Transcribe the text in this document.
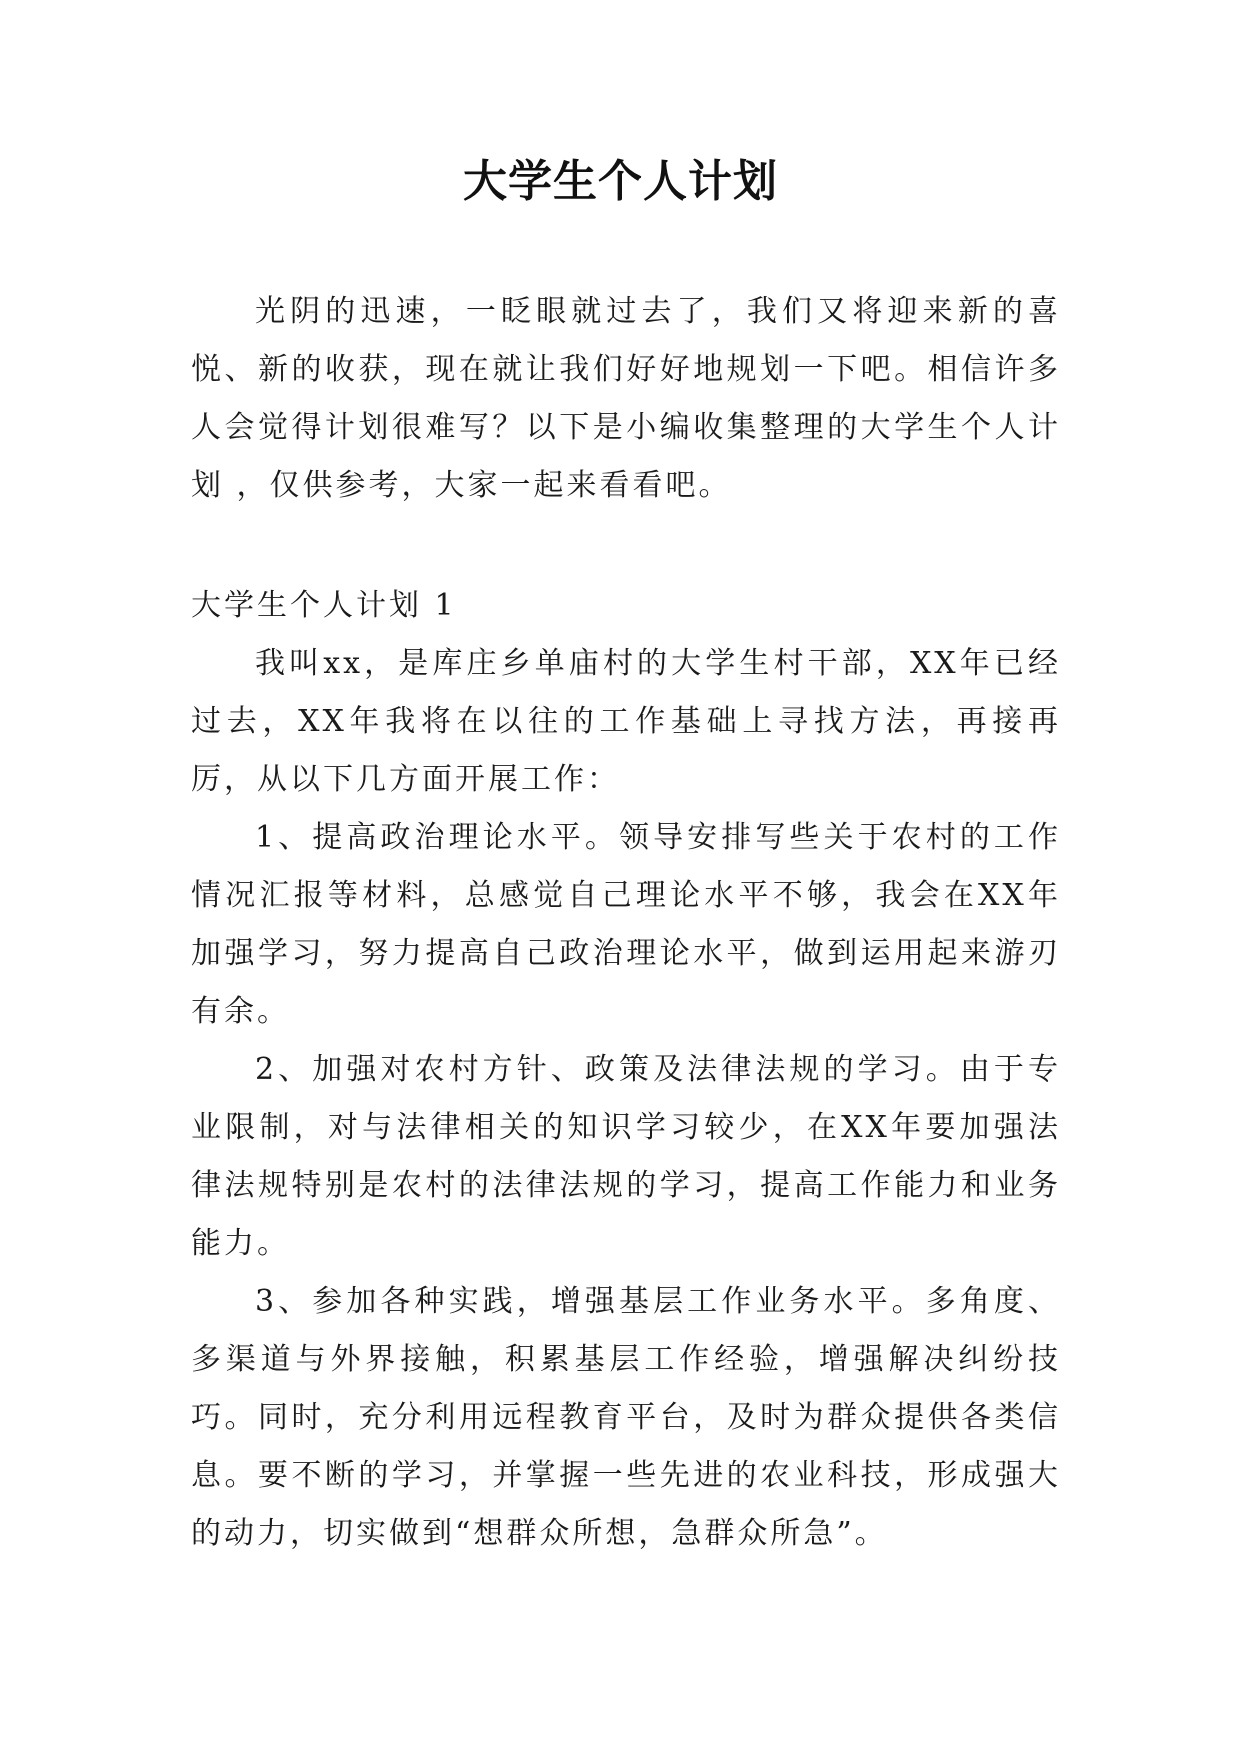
大学生个人计划

光阴的迅速，一眨眼就过去了，我们又将迎来新的喜悦、新的收获，现在就让我们好好地规划一下吧。相信许多人会觉得计划很难写？以下是小编收集整理的大学生个人计划 ，仅供参考，大家一起来看看吧。

大学生个人计划 1

我叫xx，是库庄乡单庙村的大学生村干部，XX年已经过去，XX年我将在以往的工作基础上寻找方法，再接再厉，从以下几方面开展工作：

1、提高政治理论水平。领导安排写些关于农村的工作情况汇报等材料，总感觉自己理论水平不够，我会在XX年加强学习，努力提高自己政治理论水平，做到运用起来游刃有余。

2、加强对农村方针、政策及法律法规的学习。由于专业限制，对与法律相关的知识学习较少，在XX年要加强法律法规特别是农村的法律法规的学习，提高工作能力和业务能力。

3、参加各种实践，增强基层工作业务水平。多角度、多渠道与外界接触，积累基层工作经验，增强解决纠纷技巧。同时，充分利用远程教育平台，及时为群众提供各类信息。要不断的学习，并掌握一些先进的农业科技，形成强大的动力，切实做到“想群众所想，急群众所急”。
